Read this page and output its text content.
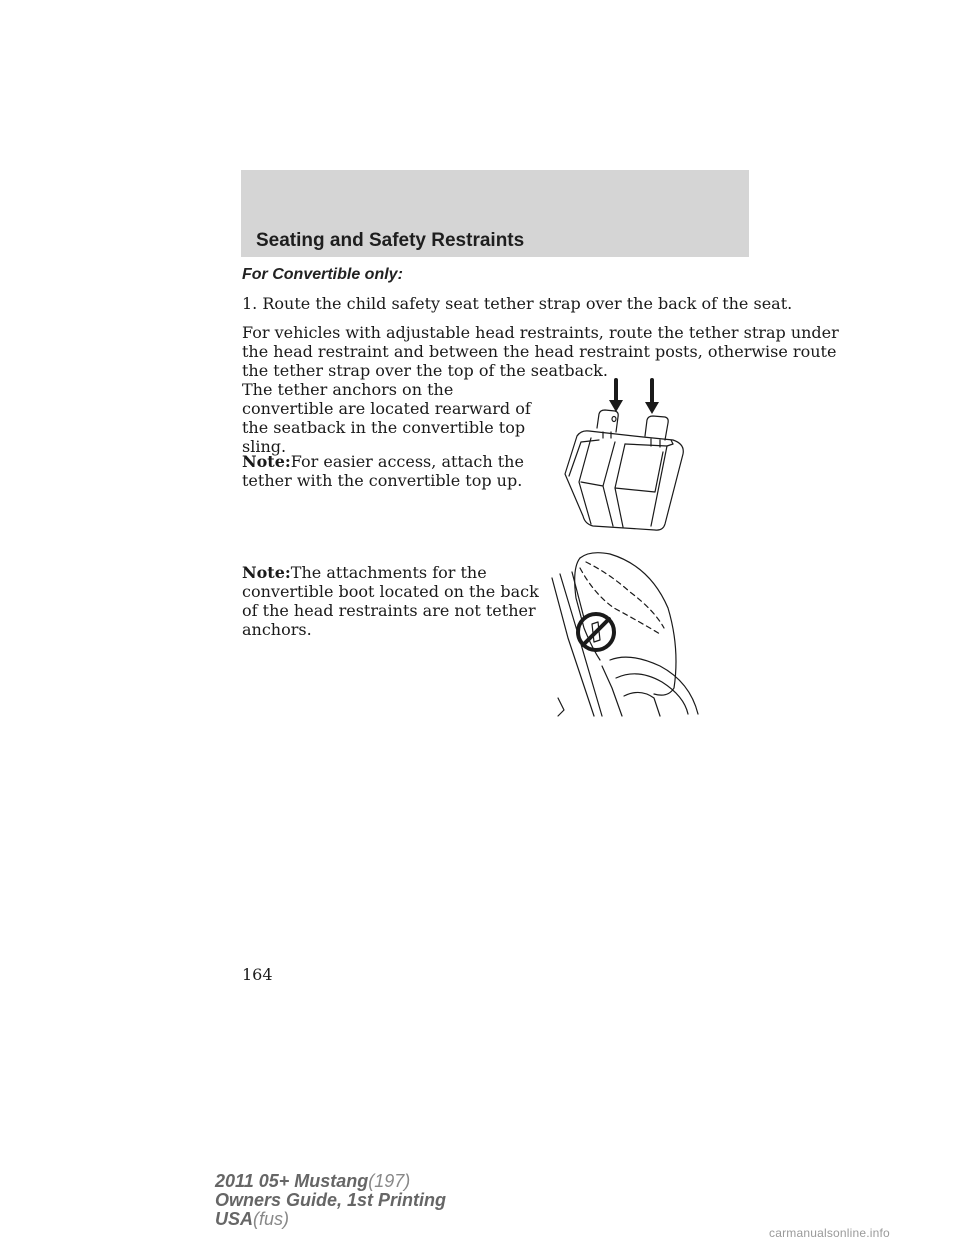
Seating and Safety Restraints
For Convertible only:

1. Route the child safety seat tether strap over the back of the seat.

For vehicles with adjustable head restraints, route the tether strap under
the head restraint and between the head restraint posts, otherwise route
the tether strap over the top of the seatback.

The tether anchors on the
convertible are located rearward of
the seatback in the convertible top
sling.

Note:For easier access, attach the
tether with the convertible top up.

Note:The attachments for the
convertible boot located on the back
of the head restraints are not tether
anchors.

164
2011 05+ Mustang(197)
Owners Guide, 1st Printing
USA(fus)
carmanualsonline.info
